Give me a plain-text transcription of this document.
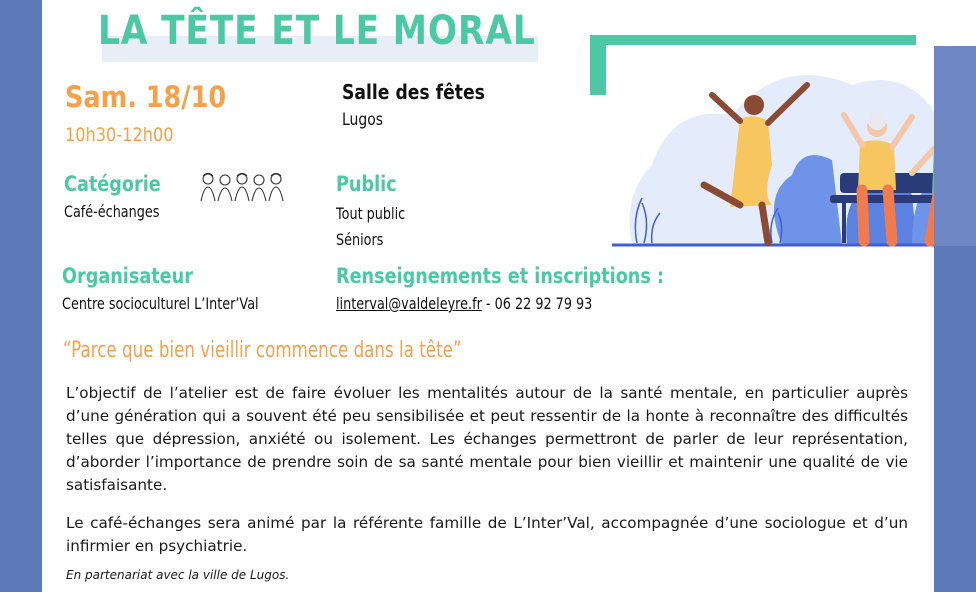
LA TÊTE ET LE MORAL
Sam. 18/10
10h30-12h00
Salle des fêtes
Lugos
Catégorie
Café-échanges
Public
Tout public
Séniors
Organisateur
Centre socioculturel L’Inter’Val
Renseignements et inscriptions :
linterval@valdeleyre.fr - 06 22 92 79 93
“Parce que bien vieillir commence dans la tête”

L’objectif de l’atelier est de faire évoluer les mentalités autour de la santé mentale, en particulier auprès d’une génération qui a souvent été peu sensibilisée et peut ressentir de la honte à reconnaître des difficultés telles que dépression, anxiété ou isolement. Les échanges permettront de parler de leur représentation, d’aborder l’importance de prendre soin de sa santé mentale pour bien vieillir et maintenir une qualité de vie satisfaisante.

Le café-échanges sera animé par la référente famille de L’Inter’Val, accompagnée d’une sociologue et d’un infirmier en psychiatrie.

En partenariat avec la ville de Lugos.
